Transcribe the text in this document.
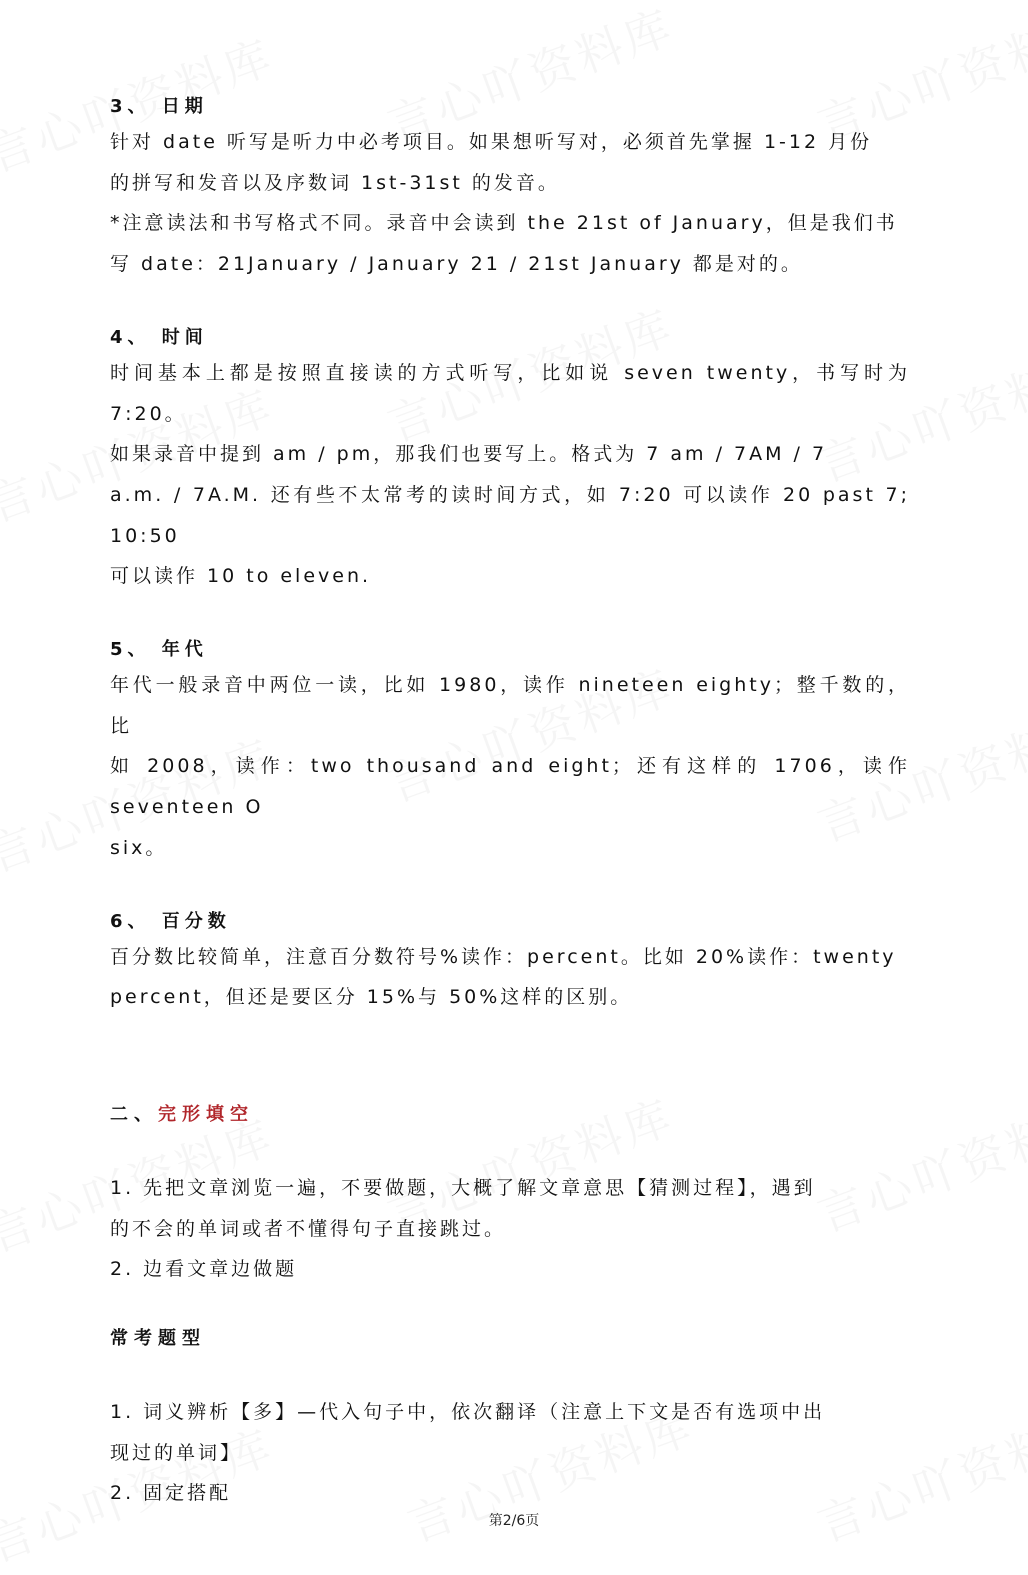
3、 日期

针对 date 听写是听力中必考项目。如果想听写对，必须首先掌握 1-12 月份

的拼写和发音以及序数词 1st-31st 的发音。

*注意读法和书写格式不同。录音中会读到 the 21st of January，但是我们书

写 date：21January / January 21 / 21st January 都是对的。

4、 时间

时间基本上都是按照直接读的方式听写，比如说 seven twenty，书写时为 7:20。

如果录音中提到 am / pm，那我们也要写上。格式为 7 am / 7AM / 7

a.m. / 7A.M. 还有些不太常考的读时间方式，如 7:20 可以读作 20 past 7; 10:50

可以读作 10 to eleven.

5、 年代

年代一般录音中两位一读，比如 1980，读作 nineteen eighty；整千数的，比

如 2008，读作：two thousand and eight；还有这样的 1706，读作 seventeen O

six。

6、 百分数

百分数比较简单，注意百分数符号%读作：percent。比如 20%读作：twenty

percent，但还是要区分 15%与 50%这样的区别。

二、完形填空

1. 先把文章浏览一遍，不要做题，大概了解文章意思【猜测过程】，遇到

的不会的单词或者不懂得句子直接跳过。

2. 边看文章边做题

常考题型

1. 词义辨析【多】—代入句子中，依次翻译（注意上下文是否有选项中出

现过的单词】

2. 固定搭配

第2/6页
